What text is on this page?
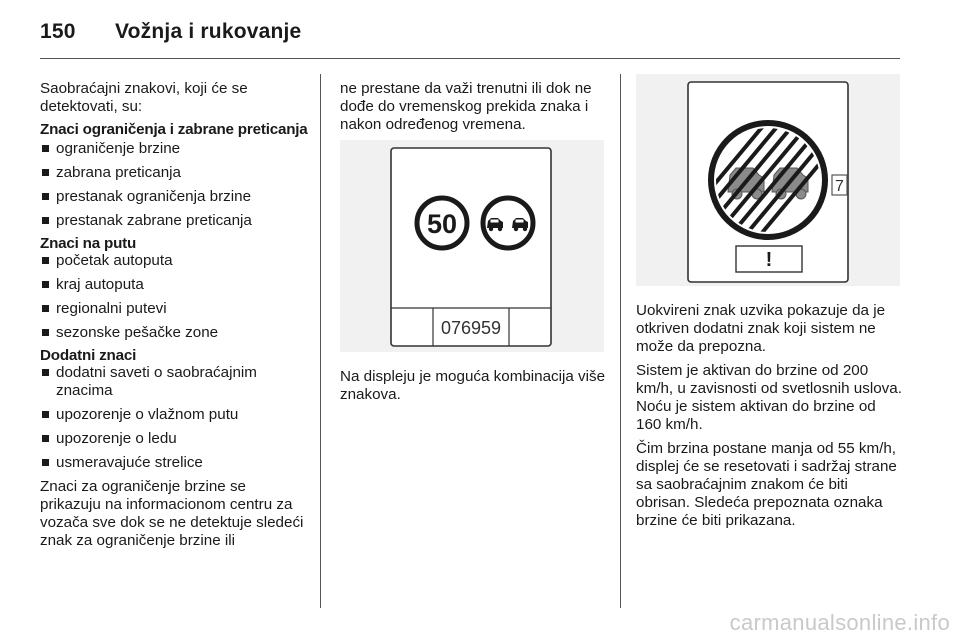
150 Vožnja i rukovanje

Saobraćajni znakovi, koji će se detektovati, su:

Znaci ograničenja i zabrane preticanja
ograničenje brzine
zabrana preticanja
prestanak ograničenja brzine
prestanak zabrane preticanja
Znaci na putu
početak autoputa
kraj autoputa
regionalni putevi
sezonske pešačke zone
Dodatni znaci
dodatni saveti o saobraćajnim znacima
upozorenje o vlažnom putu
upozorenje o ledu
usmeravajuće strelice

Znaci za ograničenje brzine se prikazuju na informacionom centru za vozača sve dok se ne detektuje sledeći znak za ograničenje brzine ili

ne prestane da važi trenutni ili dok ne dođe do vremenskog prekida znaka i nakon određenog vremena.

50
076959

Na displeju je moguća kombinacija više znakova.

7
!

Uokvireni znak uzvika pokazuje da je otkriven dodatni znak koji sistem ne može da prepozna.

Sistem je aktivan do brzine od 200 km/h, u zavisnosti od svetlosnih uslova. Noću je sistem aktivan do brzine od 160 km/h.

Čim brzina postane manja od 55 km/h, displej će se resetovati i sadržaj strane sa saobraćajnim znakom će biti obrisan. Sledeća prepoznata oznaka brzine će biti prikazana.

carmanualsonline.info
